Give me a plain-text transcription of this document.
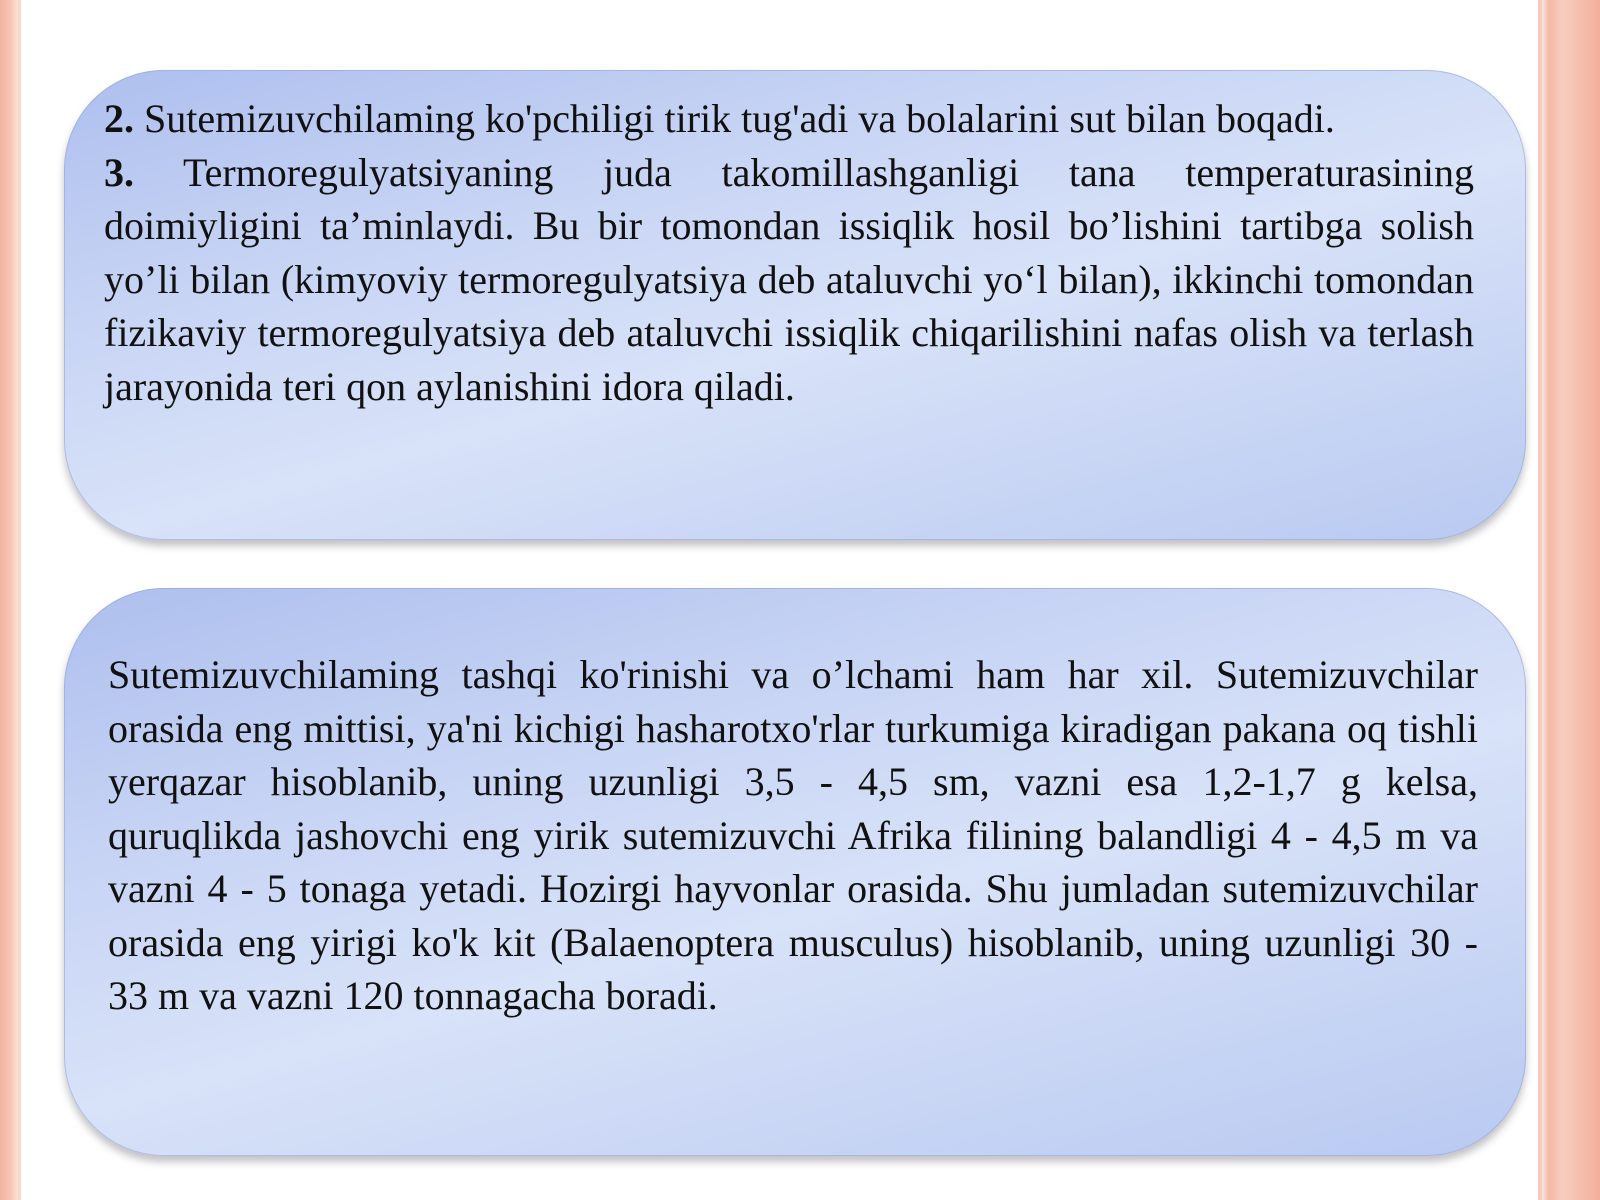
2. Sutemizuvchilaming ko'pchiligi tirik tug'adi va bolalarini sut bilan boqadi.

3. Termoregulyatsiyaning juda takomillashganligi tana temperaturasining doimiyligini ta’minlaydi. Bu bir tomondan issiqlik hosil bo’lishini tartibga solish yo’li bilan (kimyoviy termoregulyatsiya deb ataluvchi yo‘l bilan), ikkinchi tomondan fizikaviy termoregulyatsiya deb ataluvchi issiqlik chiqarilishini nafas olish va terlash jarayonida teri qon aylanishini idora qiladi.

Sutemizuvchilaming tashqi ko'rinishi va o’lchami ham har xil. Sutemizuvchilar orasida eng mittisi, ya'ni kichigi hasharotxo'rlar turkumiga kiradigan pakana oq tishli yerqazar hisoblanib, uning uzunligi 3,5 - 4,5 sm, vazni esa 1,2-1,7 g kelsa, quruqlikda jashovchi eng yirik sutemizuvchi Afrika filining balandligi 4 - 4,5 m va vazni 4 - 5 tonaga yetadi. Hozirgi hayvonlar orasida. Shu jumladan sutemizuvchilar orasida eng yirigi ko'k kit (Balaenoptera musculus) hisoblanib, uning uzunligi 30 - 33 m va vazni 120 tonnagacha boradi.
